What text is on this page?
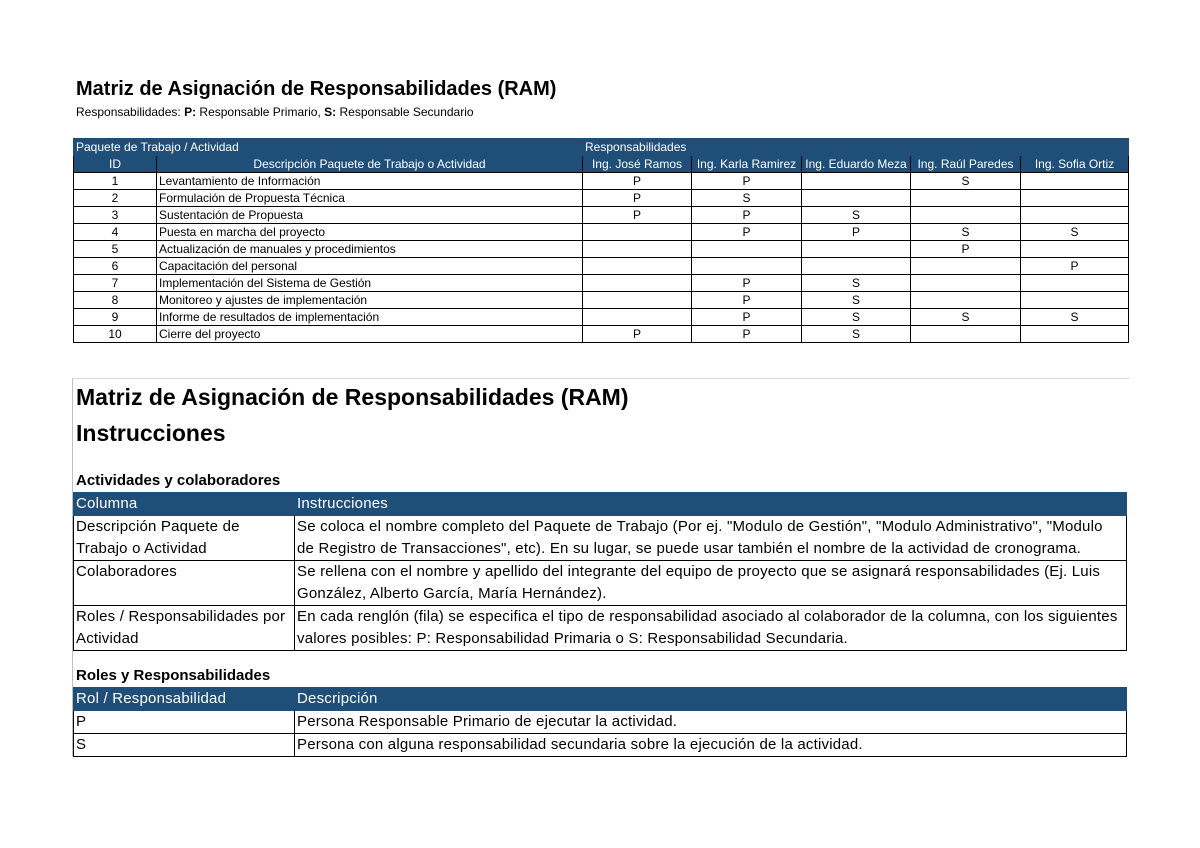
Matriz de Asignación de Responsabilidades (RAM)
Responsabilidades: P: Responsable Primario, S: Responsable Secundario
Paquete de Trabajo / Actividad		Responsabilidades				
ID	Descripción Paquete de Trabajo o Actividad	Ing. José Ramos	Ing. Karla Ramirez	Ing. Eduardo Meza	Ing. Raúl Paredes	Ing. Sofia Ortiz
1	Levantamiento de Información	P	P		S	
2	Formulación de Propuesta Técnica	P	S			
3	Sustentación de Propuesta	P	P	S		
4	Puesta en marcha del proyecto		P	P	S	S
5	Actualización de manuales y procedimientos				P	
6	Capacitación del personal					P
7	Implementación del Sistema de Gestión		P	S		
8	Monitoreo y ajustes de implementación		P	S		
9	Informe de resultados de implementación		P	S	S	S
10	Cierre del proyecto	P	P	S		
Matriz de Asignación de Responsabilidades (RAM)
Instrucciones
Actividades y colaboradores
Columna	Instrucciones
Descripción Paquete de Trabajo o Actividad	Se coloca el nombre completo del Paquete de Trabajo (Por ej. "Modulo de Gestión", "Modulo Administrativo", "Modulo de Registro de Transacciones", etc). En su lugar, se puede usar también el nombre de la actividad de cronograma.
Colaboradores	Se rellena con el nombre y apellido del integrante del equipo de proyecto que se asignará responsabilidades (Ej. Luis González, Alberto García, María Hernández).
Roles / Responsabilidades por Actividad	En cada renglón (fila) se especifica el tipo de responsabilidad asociado al colaborador de la columna, con los siguientes valores posibles: P: Responsabilidad Primaria o S: Responsabilidad Secundaria.
Roles y Responsabilidades
Rol / Responsabilidad	Descripción
P	Persona Responsable Primario de ejecutar la actividad.
S	Persona con alguna responsabilidad secundaria sobre la ejecución de la actividad.
